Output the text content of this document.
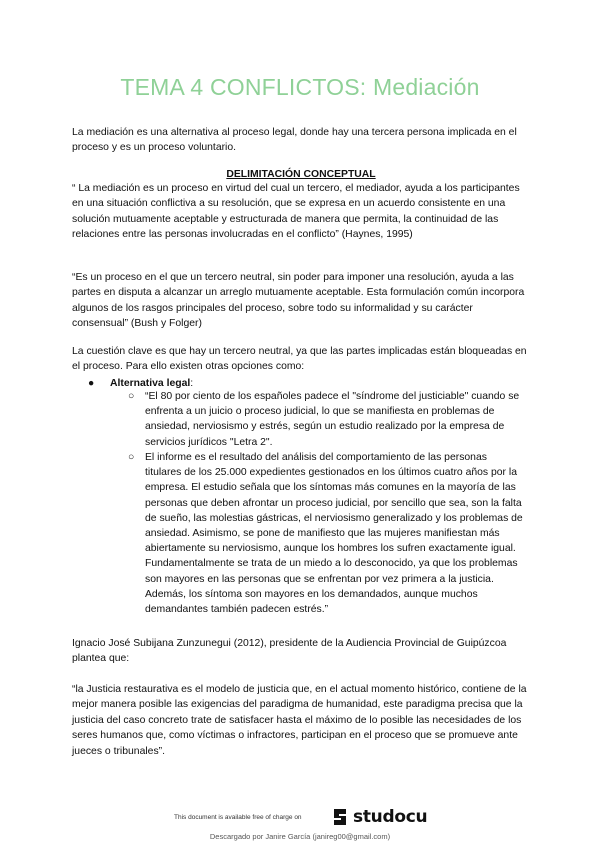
TEMA 4 CONFLICTOS: Mediación

La mediación es una alternativa al proceso legal, donde hay una tercera persona implicada en el proceso y es un proceso voluntario.

DELIMITACIÓN CONCEPTUAL

“ La mediación es un proceso en virtud del cual un tercero, el mediador, ayuda a los participantes en una situación conflictiva a su resolución, que se expresa en un acuerdo consistente en una solución mutuamente aceptable y estructurada de manera que permita, la continuidad de las relaciones entre las personas involucradas en el conflicto” (Haynes, 1995)

“Es un proceso en el que un tercero neutral, sin poder para imponer una resolución, ayuda a las partes en disputa a alcanzar un arreglo mutuamente aceptable. Esta formulación común incorpora algunos de los rasgos principales del proceso, sobre todo su informalidad y su carácter consensual” (Bush y Folger)

La cuestión clave es que hay un tercero neutral, ya que las partes implicadas están bloqueadas en el proceso. Para ello existen otras opciones como:

●	Alternativa legal :
○	“El 80 por ciento de los españoles padece el "síndrome del justiciable" cuando se enfrenta a un juicio o proceso judicial, lo que se manifiesta en problemas de ansiedad, nerviosismo y estrés, según un estudio realizado por la empresa de servicios jurídicos "Letra 2".
○	El informe es el resultado del análisis del comportamiento de las personas titulares de los 25.000 expedientes gestionados en los últimos cuatro años por la empresa. El estudio señala que los síntomas más comunes en la mayoría de las personas que deben afrontar un proceso judicial, por sencillo que sea, son la falta de sueño, las molestias gástricas, el nerviosismo generalizado y los problemas de ansiedad. Asimismo, se pone de manifiesto que las mujeres manifiestan más abiertamente su nerviosismo, aunque los hombres los sufren exactamente igual. Fundamentalmente se trata de un miedo a lo desconocido, ya que los problemas son mayores en las personas que se enfrentan por vez primera a la justicia. Además, los síntoma son mayores en los demandados, aunque muchos demandantes también padecen estrés.”

Ignacio José Subijana Zunzunegui (2012), presidente de la Audiencia Provincial de Guipúzcoa plantea que:

“la Justicia restaurativa es el modelo de justicia que, en el actual momento histórico, contiene de la mejor manera posible las exigencias del paradigma de humanidad, este paradigma precisa que la justicia del caso concreto trate de satisfacer hasta el máximo de lo posible las necesidades de los seres humanos que, como víctimas o infractores, participan en el proceso que se promueve ante jueces o tribunales”.

This document is available free of charge on	studocu
Descargado por Janire García (janireg00@gmail.com)
